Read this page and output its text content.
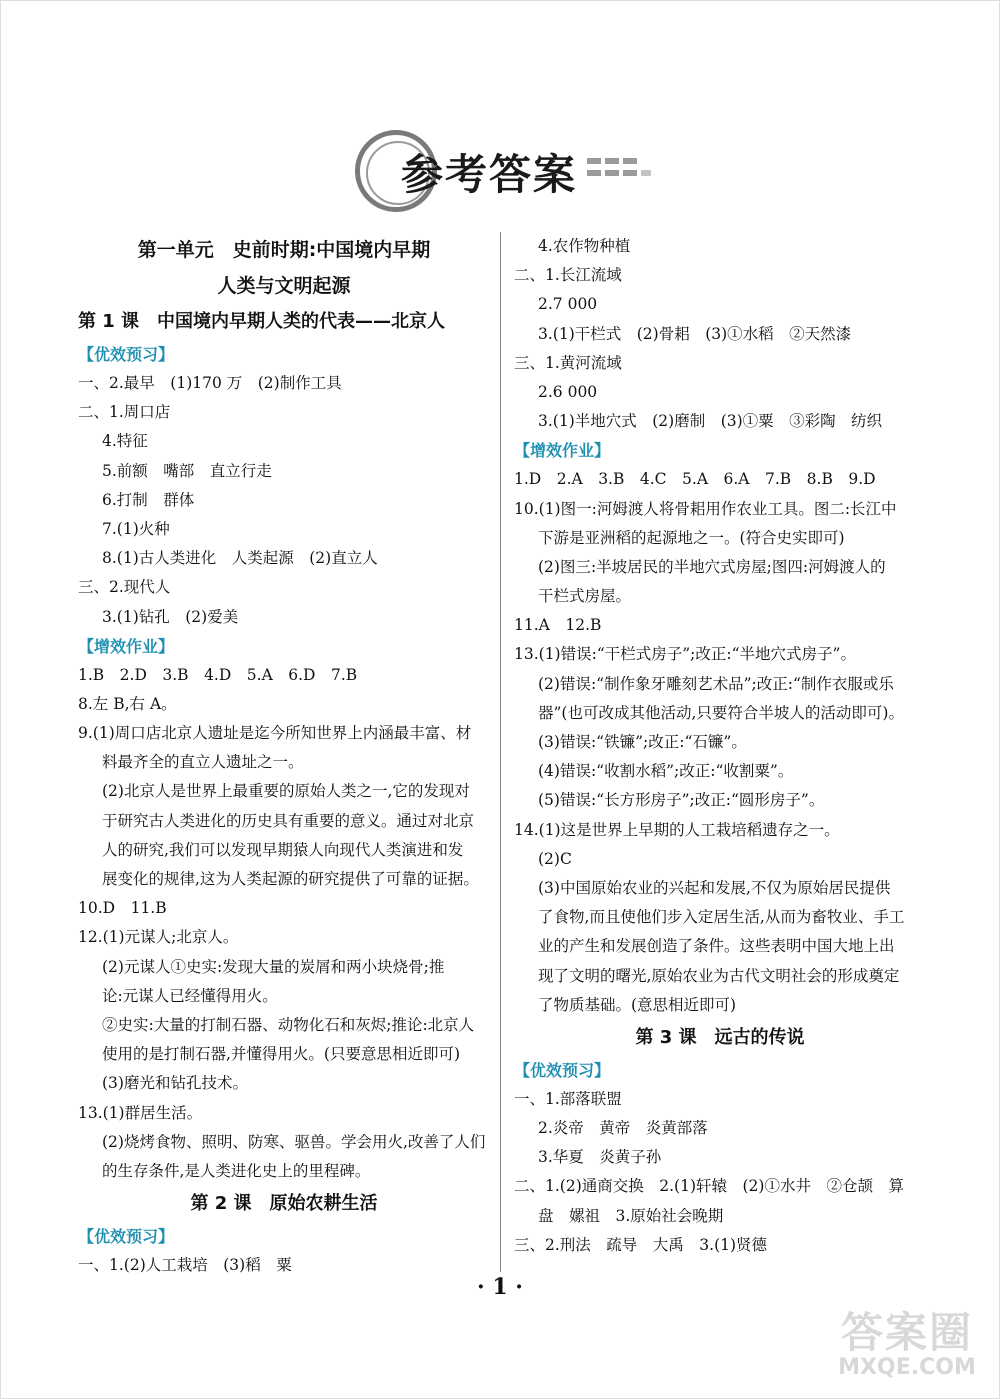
参考答案
第一单元　史前时期:中国境内早期
人类与文明起源
第 1 课　中国境内早期人类的代表——北京人
【优效预习】
一、2.最早　(1)170 万　(2)制作工具
二、1.周口店
4.特征
5.前额　嘴部　直立行走
6.打制　群体
7.(1)火种
8.(1)古人类进化　人类起源　(2)直立人
三、2.现代人
3.(1)钻孔　(2)爱美
【增效作业】
1.B　2.D　3.B　4.D　5.A　6.D　7.B
8.左 B,右 A。
9.(1)周口店北京人遗址是迄今所知世界上内涵最丰富、材
料最齐全的直立人遗址之一。
(2)北京人是世界上最重要的原始人类之一,它的发现对
于研究古人类进化的历史具有重要的意义。通过对北京
人的研究,我们可以发现早期猿人向现代人类演进和发
展变化的规律,这为人类起源的研究提供了可靠的证据。
10.D　11.B
12.(1)元谋人;北京人。
(2)元谋人①史实:发现大量的炭屑和两小块烧骨;推
论:元谋人已经懂得用火。
②史实:大量的打制石器、动物化石和灰烬;推论:北京人
使用的是打制石器,并懂得用火。(只要意思相近即可)
(3)磨光和钻孔技术。
13.(1)群居生活。
(2)烧烤食物、照明、防寒、驱兽。学会用火,改善了人们
的生存条件,是人类进化史上的里程碑。
第 2 课　原始农耕生活
【优效预习】
一、1.(2)人工栽培　(3)稻　粟
4.农作物种植
二、1.长江流域
2.7 000
3.(1)干栏式　(2)骨耜　(3)①水稻　②天然漆
三、1.黄河流域
2.6 000
3.(1)半地穴式　(2)磨制　(3)①粟　③彩陶　纺织
【增效作业】
1.D　2.A　3.B　4.C　5.A　6.A　7.B　8.B　9.D
10.(1)图一:河姆渡人将骨耜用作农业工具。图二:长江中
下游是亚洲稻的起源地之一。(符合史实即可)
(2)图三:半坡居民的半地穴式房屋;图四:河姆渡人的
干栏式房屋。
11.A　12.B
13.(1)错误:“干栏式房子”;改正:“半地穴式房子”。
(2)错误:“制作象牙雕刻艺术品”;改正:“制作衣服或乐
器”(也可改成其他活动,只要符合半坡人的活动即可)。
(3)错误:“铁镰”;改正:“石镰”。
(4)错误:“收割水稻”;改正:“收割粟”。
(5)错误:“长方形房子”;改正:“圆形房子”。
14.(1)这是世界上早期的人工栽培稻遗存之一。
(2)C
(3)中国原始农业的兴起和发展,不仅为原始居民提供
了食物,而且使他们步入定居生活,从而为畜牧业、手工
业的产生和发展创造了条件。这些表明中国大地上出
现了文明的曙光,原始农业为古代文明社会的形成奠定
了物质基础。(意思相近即可)
第 3 课　远古的传说
【优效预习】
一、1.部落联盟
2.炎帝　黄帝　炎黄部落
3.华夏　炎黄子孙
二、1.(2)通商交换　2.(1)轩辕　(2)①水井　②仓颉　算
盘　嫘祖　3.原始社会晚期
三、2.刑法　疏导　大禹　3.(1)贤德
· 1 ·
答案圈
MXQE.COM
